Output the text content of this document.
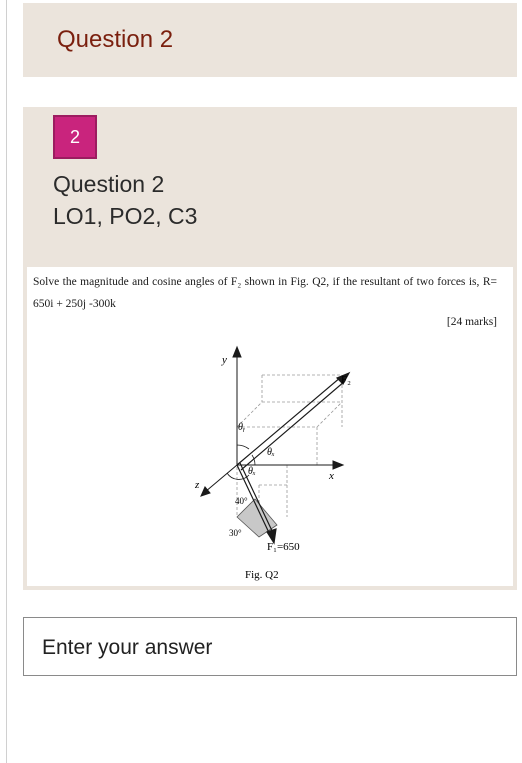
Question 2
2
Question 2
LO1, PO2, C3
Solve the magnitude and cosine angles of F₂ shown in Fig. Q2, if the resultant of two forces is, R= 650i + 250j -300k
[24 marks]
y
x
z
F₂
θᵧ
θₓ
θₓ
40°
30°
F₁=650
Fig. Q2
Enter your answer
